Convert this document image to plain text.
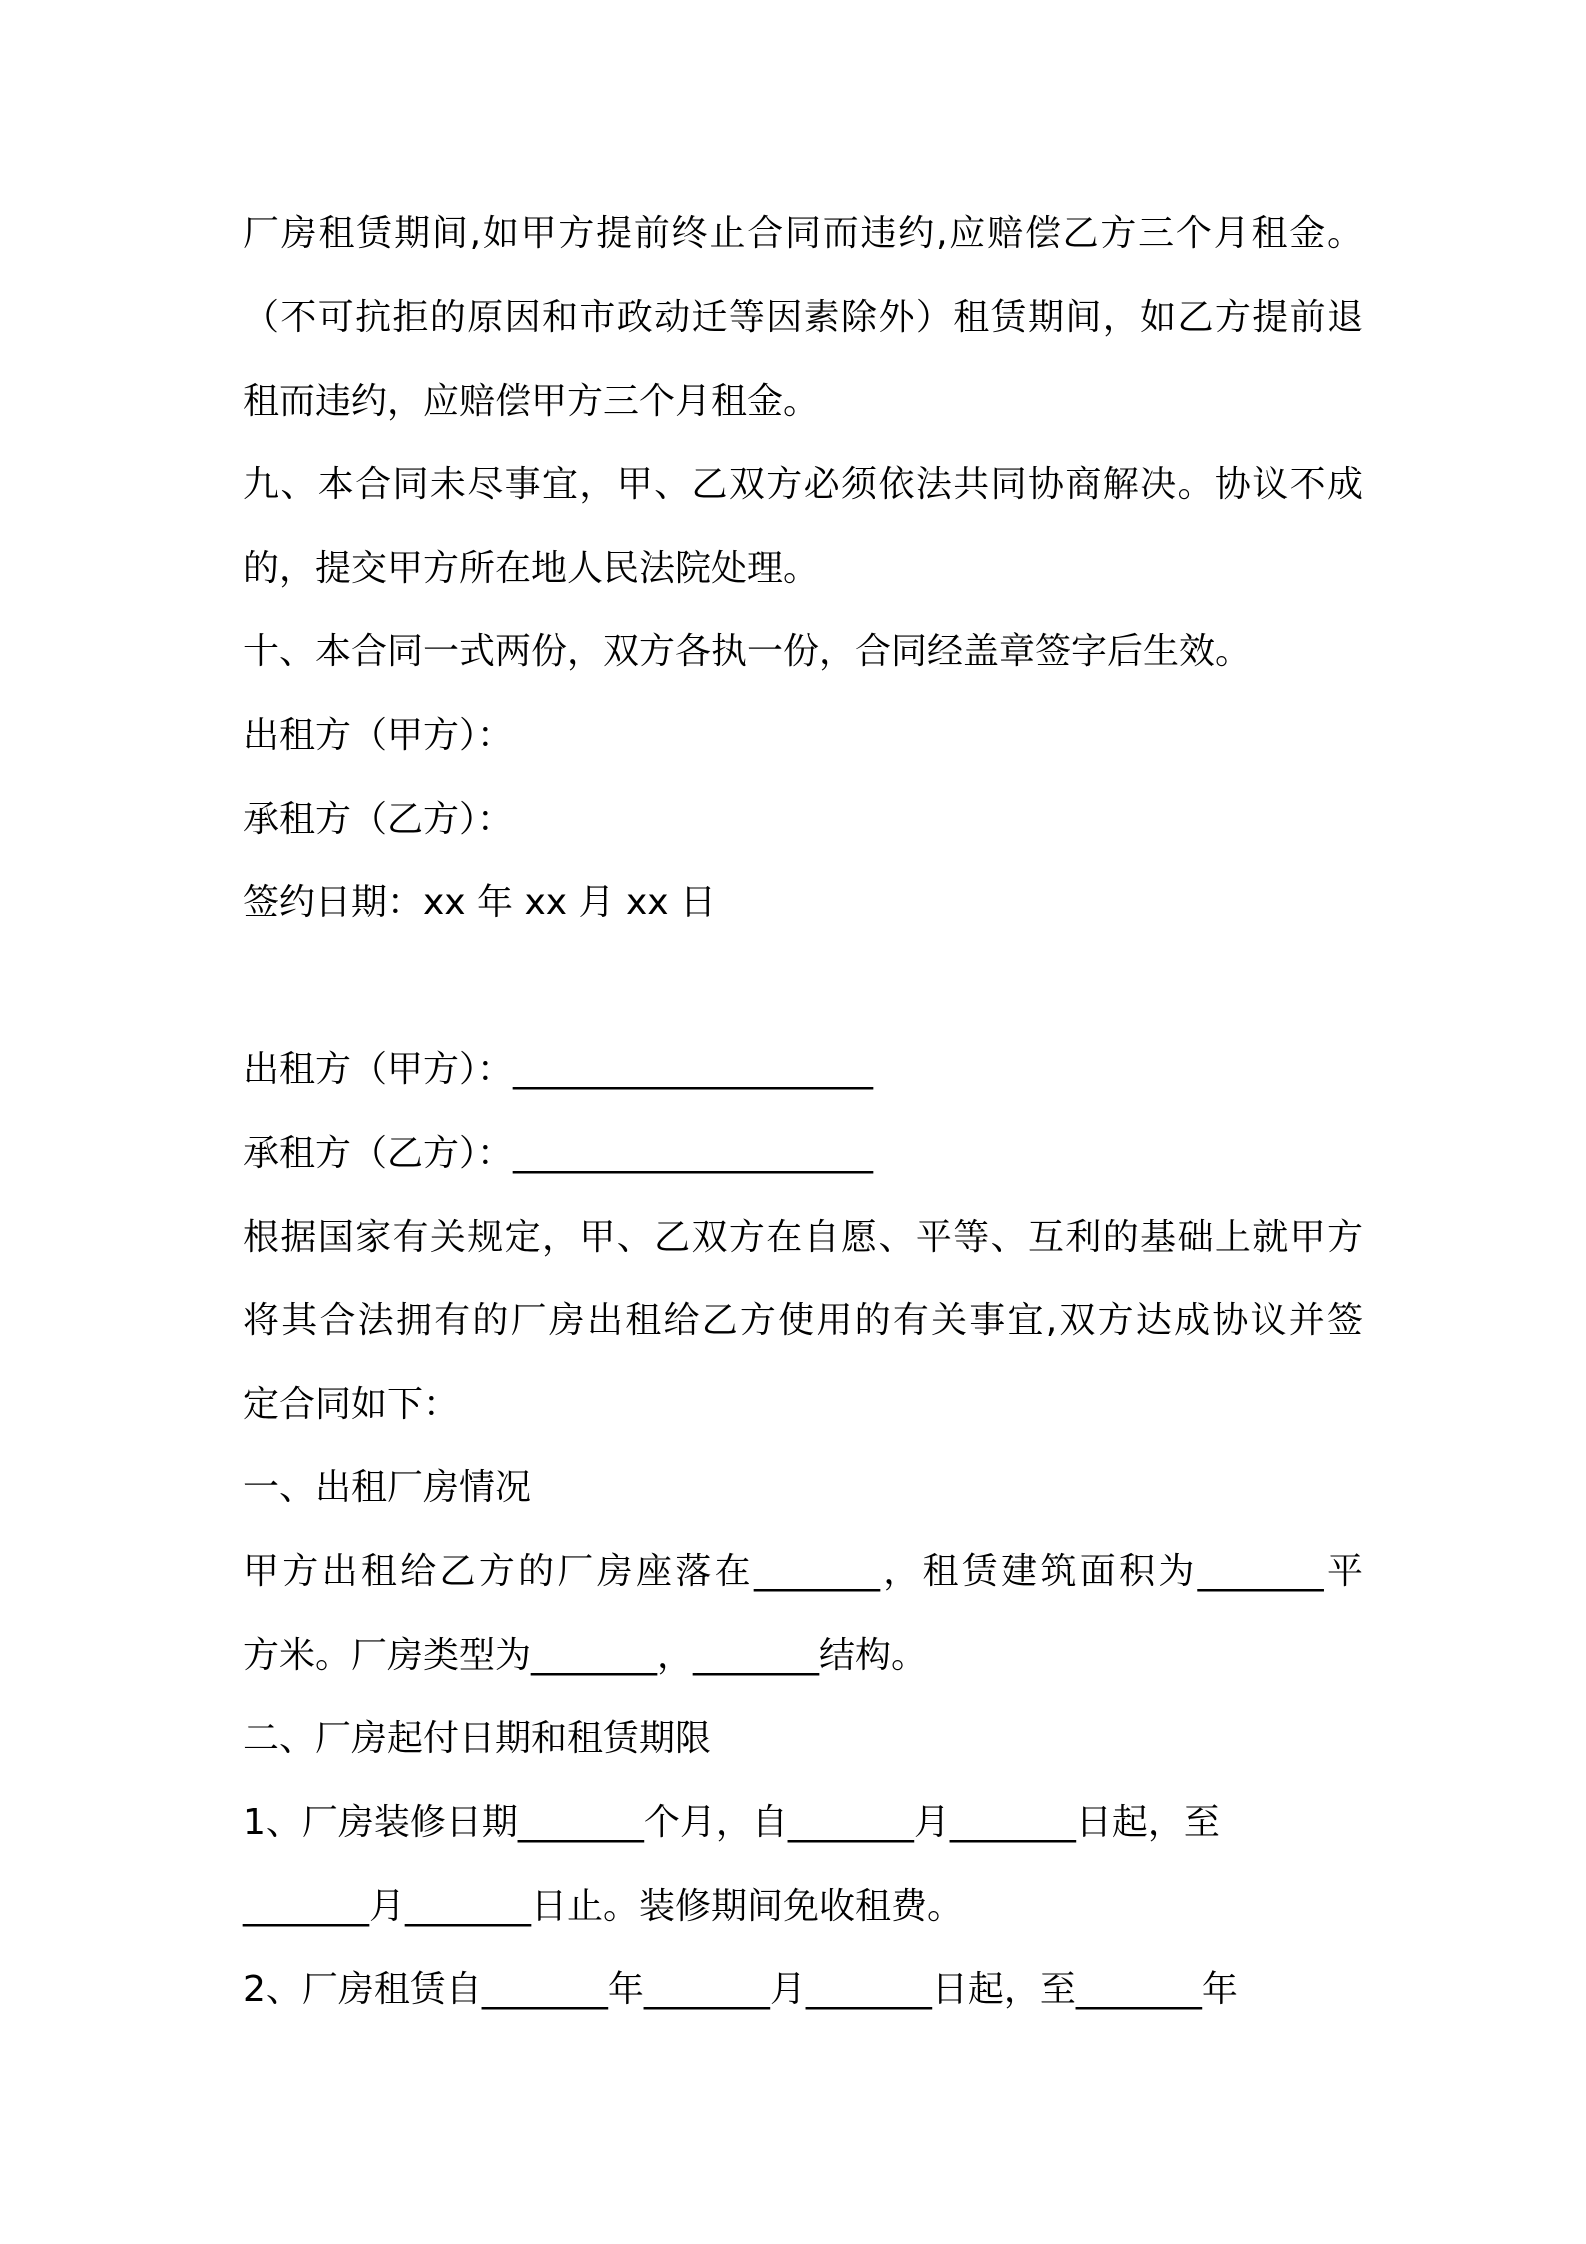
厂房租赁期间,如甲方提前终止合同而违约,应赔偿乙方三个月租金。
（不可抗拒的原因和市政动迁等因素除外）租赁期间，如乙方提前退
租而违约，应赔偿甲方三个月租金。
九、本合同未尽事宜，甲、乙双方必须依法共同协商解决。协议不成
的，提交甲方所在地人民法院处理。
十、本合同一式两份，双方各执一份，合同经盖章签字后生效。
出租方（甲方）：
承租方（乙方）：
签约日期：xx 年 xx 月 xx 日
出租方（甲方）：____________________
承租方（乙方）：____________________
根据国家有关规定，甲、乙双方在自愿、平等、互利的基础上就甲方
将其合法拥有的厂房出租给乙方使用的有关事宜,双方达成协议并签
定合同如下：
一、出租厂房情况
甲方出租给乙方的厂房座落在_______，租赁建筑面积为_______平
方米。厂房类型为_______，_______结构。
二、厂房起付日期和租赁期限
1、厂房装修日期_______个月，自_______月_______日起，至
_______月_______日止。装修期间免收租费。
2、厂房租赁自_______年_______月_______日起，至_______年
